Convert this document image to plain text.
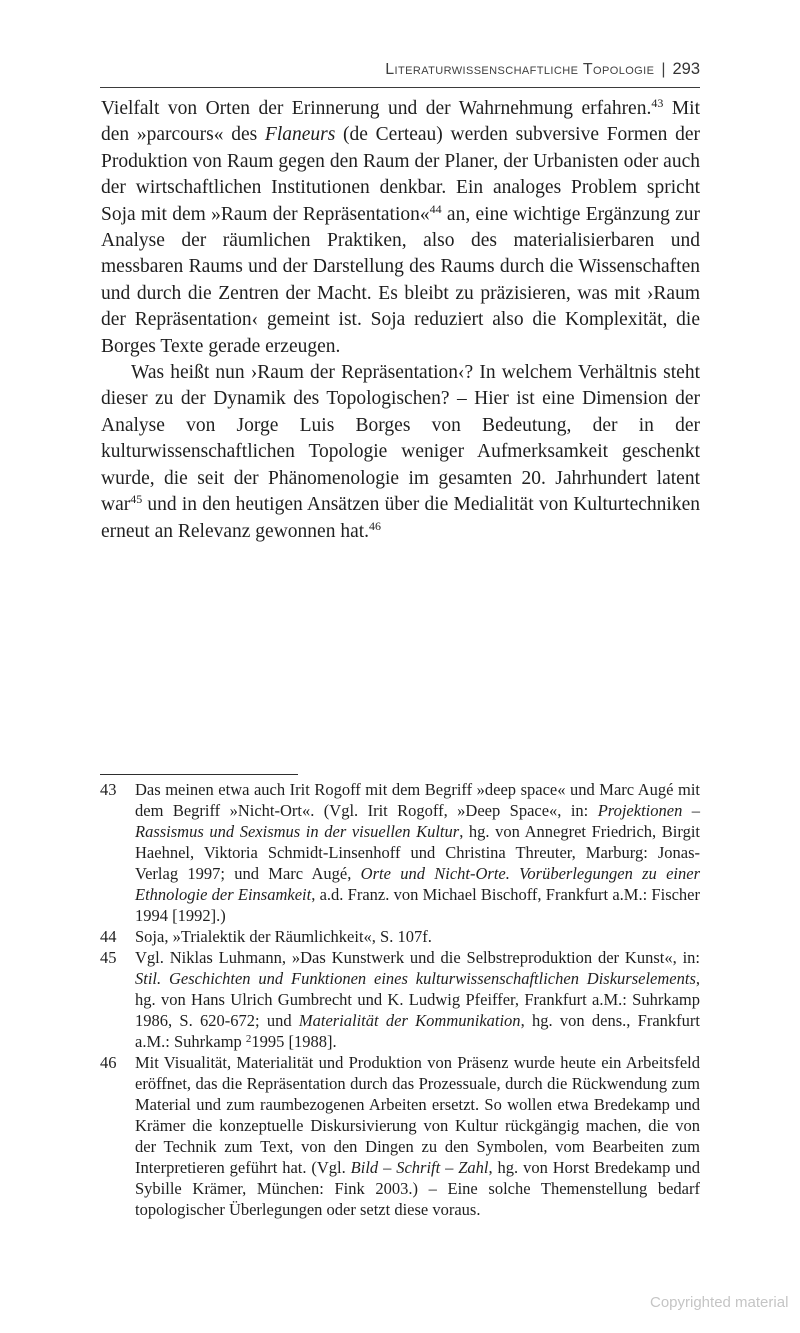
Literaturwissenschaftliche Topologie | 293

Vielfalt von Orten der Erinnerung und der Wahrnehmung erfahren.$^{43}$ Mit den »parcours« des Flaneurs (de Certeau) werden subversive Formen der Produktion von Raum gegen den Raum der Planer, der Urbanisten oder auch der wirtschaftlichen Institutionen denkbar. Ein analoges Problem spricht Soja mit dem »Raum der Repräsentation«$^{44}$ an, eine wichtige Ergänzung zur Analyse der räumlichen Praktiken, also des materialisierbaren und messbaren Raums und der Darstellung des Raums durch die Wissenschaften und durch die Zentren der Macht. Es bleibt zu präzisieren, was mit ›Raum der Repräsentation‹ gemeint ist. Soja reduziert also die Komplexität, die Borges Texte gerade erzeugen.

Was heißt nun ›Raum der Repräsentation‹? In welchem Verhältnis steht dieser zu der Dynamik des Topologischen? – Hier ist eine Dimension der Analyse von Jorge Luis Borges von Bedeutung, der in der kulturwissenschaftlichen Topologie weniger Aufmerksamkeit geschenkt wurde, die seit der Phänomenologie im gesamten 20. Jahrhundert latent war$^{45}$ und in den heutigen Ansätzen über die Medialität von Kulturtechniken erneut an Relevanz gewonnen hat.$^{46}$

43 Das meinen etwa auch Irit Rogoff mit dem Begriff »deep space« und Marc Augé mit dem Begriff »Nicht-Ort«. (Vgl. Irit Rogoff, »Deep Space«, in: Projektionen – Rassismus und Sexismus in der visuellen Kultur, hg. von Annegret Friedrich, Birgit Haehnel, Viktoria Schmidt-Linsenhoff und Christina Threuter, Marburg: Jonas-Verlag 1997; und Marc Augé, Orte und Nicht-Orte. Vorüberlegungen zu einer Ethnologie der Einsamkeit, a.d. Franz. von Michael Bischoff, Frankfurt a.M.: Fischer 1994 [1992].)

44 Soja, »Trialektik der Räumlichkeit«, S. 107f.

45 Vgl. Niklas Luhmann, »Das Kunstwerk und die Selbstreproduktion der Kunst«, in: Stil. Geschichten und Funktionen eines kulturwissenschaftlichen Diskurselements, hg. von Hans Ulrich Gumbrecht und K. Ludwig Pfeiffer, Frankfurt a.M.: Suhrkamp 1986, S. 620-672; und Materialität der Kommunikation, hg. von dens., Frankfurt a.M.: Suhrkamp $^2$1995 [1988].

46 Mit Visualität, Materialität und Produktion von Präsenz wurde heute ein Arbeitsfeld eröffnet, das die Repräsentation durch das Prozessuale, durch die Rückwendung zum Material und zum raumbezogenen Arbeiten ersetzt. So wollen etwa Bredekamp und Krämer die konzeptuelle Diskursivierung von Kultur rückgängig machen, die von der Technik zum Text, von den Dingen zu den Symbolen, vom Bearbeiten zum Interpretieren geführt hat. (Vgl. Bild – Schrift – Zahl, hg. von Horst Bredekamp und Sybille Krämer, München: Fink 2003.) – Eine solche Themenstellung bedarf topologischer Überlegungen oder setzt diese voraus.

Copyrighted material
